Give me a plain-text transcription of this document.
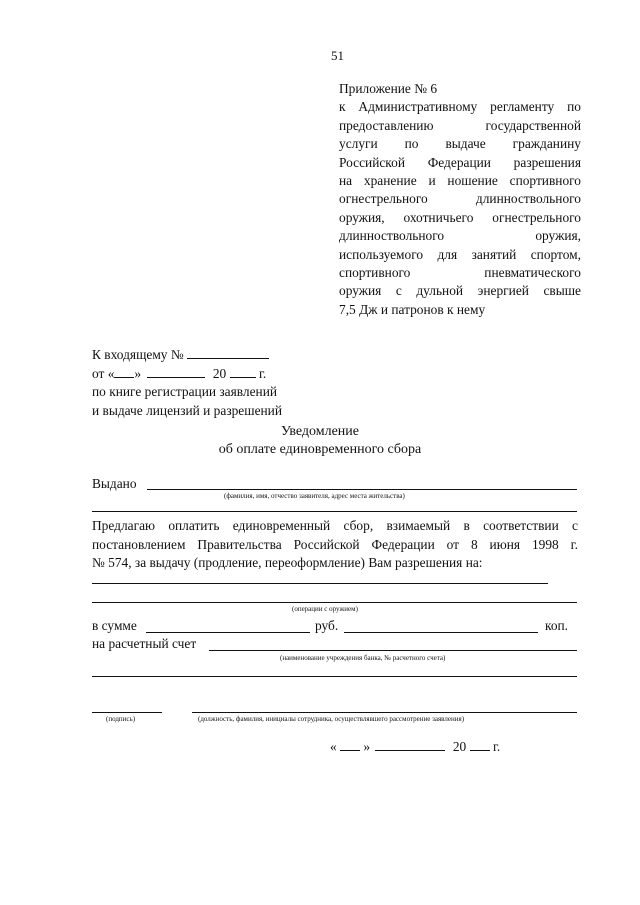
51
Приложение № 6
к Административному регламенту по
предоставлению государственной
услуги по выдаче гражданину
Российской Федерации разрешения
на хранение и ношение спортивного
огнестрельного длинноствольного
оружия, охотничьего огнестрельного
длинноствольного оружия,
используемого для занятий спортом,
спортивного пневматического
оружия с дульной энергией свыше
7,5 Дж и патронов к нему
К входящему №
от « »	20 г.
по книге регистрации заявлений
и выдаче лицензий и разрешений
Уведомление
об оплате единовременного сбора
Выдано
(фамилия, имя, отчество заявителя, адрес места жительства)
Предлагаю оплатить единовременный сбор, взимаемый в соответствии с
постановлением Правительства Российской Федерации от 8 июня 1998 г.
№ 574, за выдачу (продление, переоформление) Вам разрешения на:
(операции с оружием)
в сумме	руб.	коп.
на расчетный счет
(наименование учреждения банка, № расчетного счета)
(подпись)	(должность, фамилия, инициалы сотрудника, осуществлявшего рассмотрение заявления)
« »	20 г.
